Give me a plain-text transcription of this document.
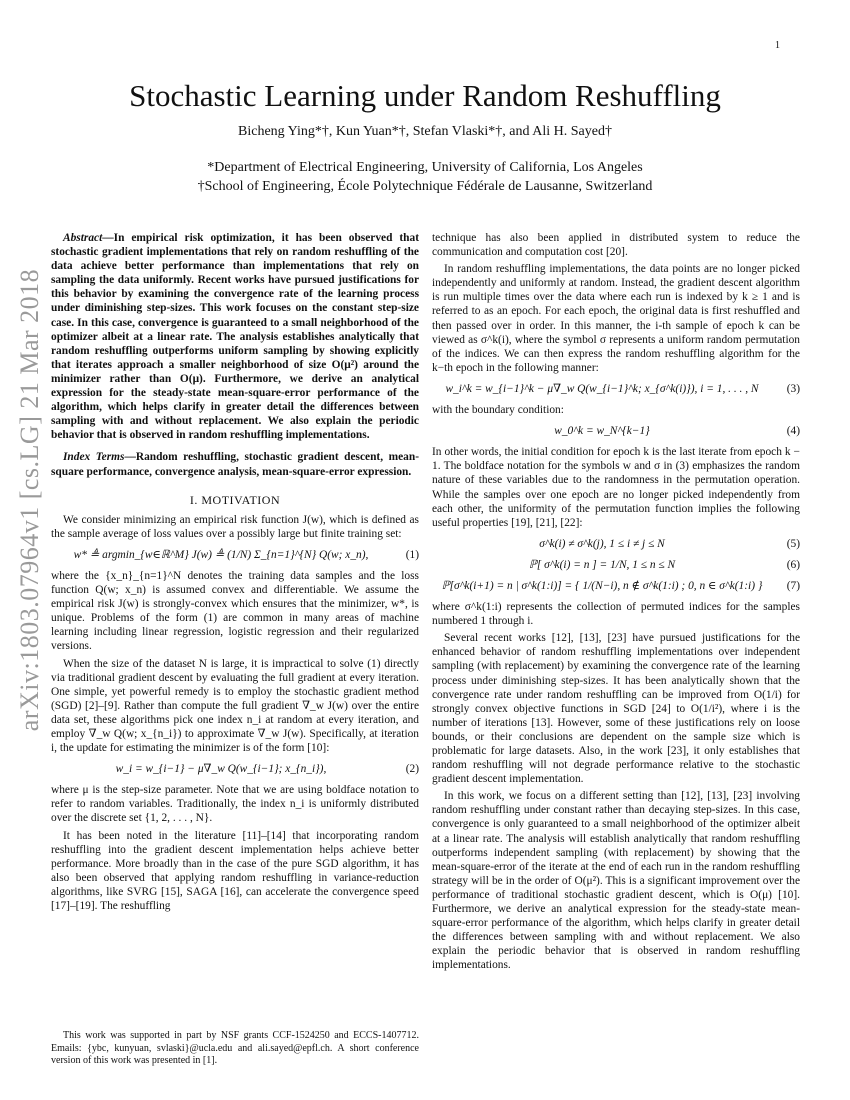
1
arXiv:1803.07964v1 [cs.LG] 21 Mar 2018
Stochastic Learning under Random Reshuffling
Bicheng Ying*†, Kun Yuan*†, Stefan Vlaski*†, and Ali H. Sayed†
*Department of Electrical Engineering, University of California, Los Angeles
†School of Engineering, École Polytechnique Fédérale de Lausanne, Switzerland

Abstract—In empirical risk optimization, it has been observed that stochastic gradient implementations that rely on random reshuffling of the data achieve better performance than implementations that rely on sampling the data uniformly. Recent works have pursued justifications for this behavior by examining the convergence rate of the learning process under diminishing step-sizes. This work focuses on the constant step-size case. In this case, convergence is guaranteed to a small neighborhood of the optimizer albeit at a linear rate. The analysis establishes analytically that random reshuffling outperforms uniform sampling by showing explicitly that iterates approach a smaller neighborhood of size O(μ²) around the minimizer rather than O(μ). Furthermore, we derive an analytical expression for the steady-state mean-square-error performance of the algorithm, which helps clarify in greater detail the differences between sampling with and without replacement. We also explain the periodic behavior that is observed in random reshuffling implementations.

Index Terms—Random reshuffling, stochastic gradient descent, mean-square performance, convergence analysis, mean-square-error expression.

I. MOTIVATION

We consider minimizing an empirical risk function J(w), which is defined as the sample average of loss values over a possibly large but finite training set:

w* ≜ argmin_{w∈ℝ^M} J(w) ≜ (1/N) Σ_{n=1}^{N} Q(w; x_n),	(1)

where the {x_n}_{n=1}^N denotes the training data samples and the loss function Q(w; x_n) is assumed convex and differentiable. We assume the empirical risk J(w) is strongly-convex which ensures that the minimizer, w*, is unique. Problems of the form (1) are common in many areas of machine learning including linear regression, logistic regression and their regularized versions.

When the size of the dataset N is large, it is impractical to solve (1) directly via traditional gradient descent by evaluating the full gradient at every iteration. One simple, yet powerful remedy is to employ the stochastic gradient method (SGD) [2]–[9]. Rather than compute the full gradient ∇_w J(w) over the entire data set, these algorithms pick one index n_i at random at every iteration, and employ ∇_w Q(w; x_{n_i}) to approximate ∇_w J(w). Specifically, at iteration i, the update for estimating the minimizer is of the form [10]:

w_i = w_{i−1} − μ∇_w Q(w_{i−1}; x_{n_i}),	(2)

where μ is the step-size parameter. Note that we are using boldface notation to refer to random variables. Traditionally, the index n_i is uniformly distributed over the discrete set {1, 2, . . . , N}.

It has been noted in the literature [11]–[14] that incorporating random reshuffling into the gradient descent implementation helps achieve better performance. More broadly than in the case of the pure SGD algorithm, it has also been observed that applying random reshuffling in variance-reduction algorithms, like SVRG [15], SAGA [16], can accelerate the convergence speed [17]–[19]. The reshuffling

This work was supported in part by NSF grants CCF-1524250 and ECCS-1407712. Emails: {ybc, kunyuan, svlaski}@ucla.edu and ali.sayed@epfl.ch. A short conference version of this work was presented in [1].

technique has also been applied in distributed system to reduce the communication and computation cost [20].

In random reshuffling implementations, the data points are no longer picked independently and uniformly at random. Instead, the gradient descent algorithm is run multiple times over the data where each run is indexed by k ≥ 1 and is referred to as an epoch. For each epoch, the original data is first reshuffled and then passed over in order. In this manner, the i-th sample of epoch k can be viewed as σ^k(i), where the symbol σ represents a uniform random permutation of the indices. We can then express the random reshuffling algorithm for the k−th epoch in the following manner:

w_i^k = w_{i−1}^k − μ∇_w Q(w_{i−1}^k; x_{σ^k(i)}), i = 1, . . . , N	(3)

with the boundary condition:

w_0^k = w_N^{k−1}	(4)

In other words, the initial condition for epoch k is the last iterate from epoch k − 1. The boldface notation for the symbols w and σ in (3) emphasizes the random nature of these variables due to the randomness in the permutation operation. While the samples over one epoch are no longer picked independently from each other, the uniformity of the permutation function implies the following useful properties [19], [21], [22]:

σ^k(i) ≠ σ^k(j), 1 ≤ i ≠ j ≤ N	(5)
ℙ[ σ^k(i) = n ] = 1/N, 1 ≤ n ≤ N	(6)
ℙ[σ^k(i+1) = n | σ^k(1:i)] = { 1/(N−i), n ∉ σ^k(1:i) ; 0, n ∈ σ^k(1:i) }	(7)

where σ^k(1:i) represents the collection of permuted indices for the samples numbered 1 through i.

Several recent works [12], [13], [23] have pursued justifications for the enhanced behavior of random reshuffling implementations over independent sampling (with replacement) by examining the convergence rate of the learning process under diminishing step-sizes. It has been analytically shown that the convergence rate under random reshuffling can be improved from O(1/i) for strongly convex objective functions in SGD [24] to O(1/i²), where i is the number of iterations [13]. However, some of these justifications rely on loose bounds, or their conclusions are dependent on the sample size which is problematic for large datasets. Also, in the work [23], it only establishes that random reshuffling will not degrade performance relative to the stochastic gradient descent implementation.

In this work, we focus on a different setting than [12], [13], [23] involving random reshuffling under constant rather than decaying step-sizes. In this case, convergence is only guaranteed to a small neighborhood of the optimizer albeit at a linear rate. The analysis will establish analytically that random reshuffling outperforms independent sampling (with replacement) by showing that the mean-square-error of the iterate at the end of each run in the random reshuffling strategy will be in the order of O(μ²). This is a significant improvement over the performance of traditional stochastic gradient descent, which is O(μ) [10]. Furthermore, we derive an analytical expression for the steady-state mean-square-error performance of the algorithm, which helps clarify in greater detail the differences between sampling with and without replacement. We also explain the periodic behavior that is observed in random reshuffling implementations.
